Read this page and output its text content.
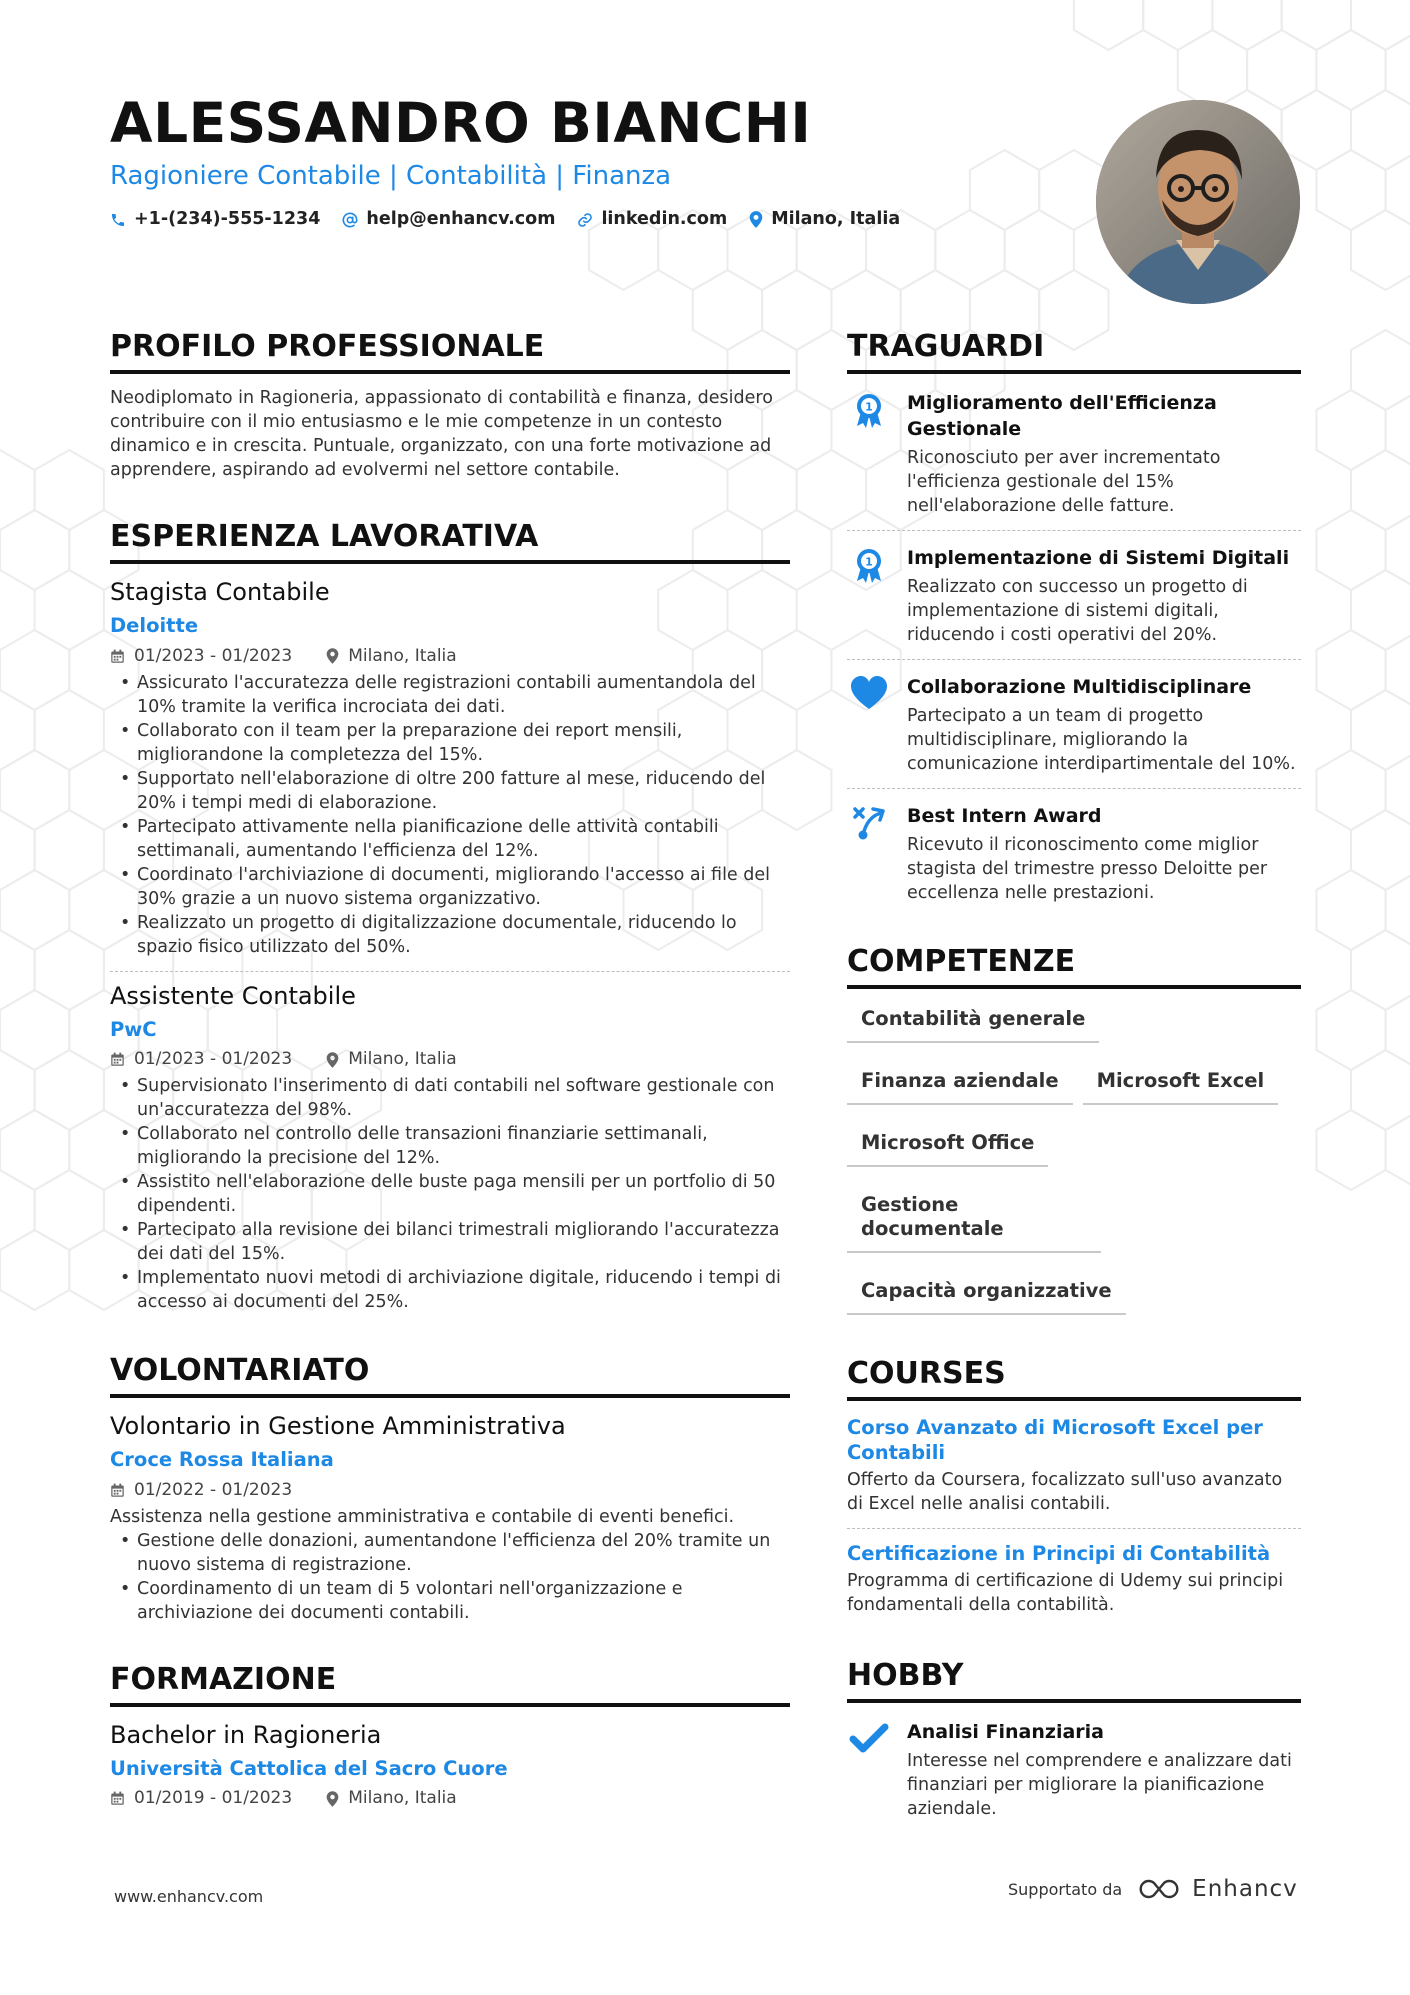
ALESSANDRO BIANCHI
Ragioniere Contabile | Contabilità | Finanza
+1-(234)-555-1234	help@enhancv.com	linkedin.com	Milano, Italia
PROFILO PROFESSIONALE
Neodiplomato in Ragioneria, appassionato di contabilità e finanza, desidero contribuire con il mio entusiasmo e le mie competenze in un contesto dinamico e in crescita. Puntuale, organizzato, con una forte motivazione ad apprendere, aspirando ad evolvermi nel settore contabile.
ESPERIENZA LAVORATIVA
Stagista Contabile
Deloitte
01/2023 - 01/2023	Milano, Italia
• Assicurato l'accuratezza delle registrazioni contabili aumentandola del 10% tramite la verifica incrociata dei dati.
• Collaborato con il team per la preparazione dei report mensili, migliorandone la completezza del 15%.
• Supportato nell'elaborazione di oltre 200 fatture al mese, riducendo del 20% i tempi medi di elaborazione.
• Partecipato attivamente nella pianificazione delle attività contabili settimanali, aumentando l'efficienza del 12%.
• Coordinato l'archiviazione di documenti, migliorando l'accesso ai file del 30% grazie a un nuovo sistema organizzativo.
• Realizzato un progetto di digitalizzazione documentale, riducendo lo spazio fisico utilizzato del 50%.
Assistente Contabile
PwC
01/2023 - 01/2023	Milano, Italia
• Supervisionato l'inserimento di dati contabili nel software gestionale con un'accuratezza del 98%.
• Collaborato nel controllo delle transazioni finanziarie settimanali, migliorando la precisione del 12%.
• Assistito nell'elaborazione delle buste paga mensili per un portfolio di 50 dipendenti.
• Partecipato alla revisione dei bilanci trimestrali migliorando l'accuratezza dei dati del 15%.
• Implementato nuovi metodi di archiviazione digitale, riducendo i tempi di accesso ai documenti del 25%.
VOLONTARIATO
Volontario in Gestione Amministrativa
Croce Rossa Italiana
01/2022 - 01/2023
Assistenza nella gestione amministrativa e contabile di eventi benefici.
• Gestione delle donazioni, aumentandone l'efficienza del 20% tramite un nuovo sistema di registrazione.
• Coordinamento di un team di 5 volontari nell'organizzazione e archiviazione dei documenti contabili.
FORMAZIONE
Bachelor in Ragioneria
Università Cattolica del Sacro Cuore
01/2019 - 01/2023	Milano, Italia
TRAGUARDI
1 Miglioramento dell'Efficienza Gestionale
Riconosciuto per aver incrementato l'efficienza gestionale del 15% nell'elaborazione delle fatture.
1 Implementazione di Sistemi Digitali
Realizzato con successo un progetto di implementazione di sistemi digitali, riducendo i costi operativi del 20%.
Collaborazione Multidisciplinare
Partecipato a un team di progetto multidisciplinare, migliorando la comunicazione interdipartimentale del 10%.
Best Intern Award
Ricevuto il riconoscimento come miglior stagista del trimestre presso Deloitte per eccellenza nelle prestazioni.
COMPETENZE
Contabilità generale
Finanza aziendale	Microsoft Excel
Microsoft Office
Gestione documentale
Capacità organizzative
COURSES
Corso Avanzato di Microsoft Excel per Contabili
Offerto da Coursera, focalizzato sull'uso avanzato di Excel nelle analisi contabili.
Certificazione in Principi di Contabilità
Programma di certificazione di Udemy sui principi fondamentali della contabilità.
HOBBY
Analisi Finanziaria
Interesse nel comprendere e analizzare dati finanziari per migliorare la pianificazione aziendale.
www.enhancv.com	Supportato da	Enhancv
